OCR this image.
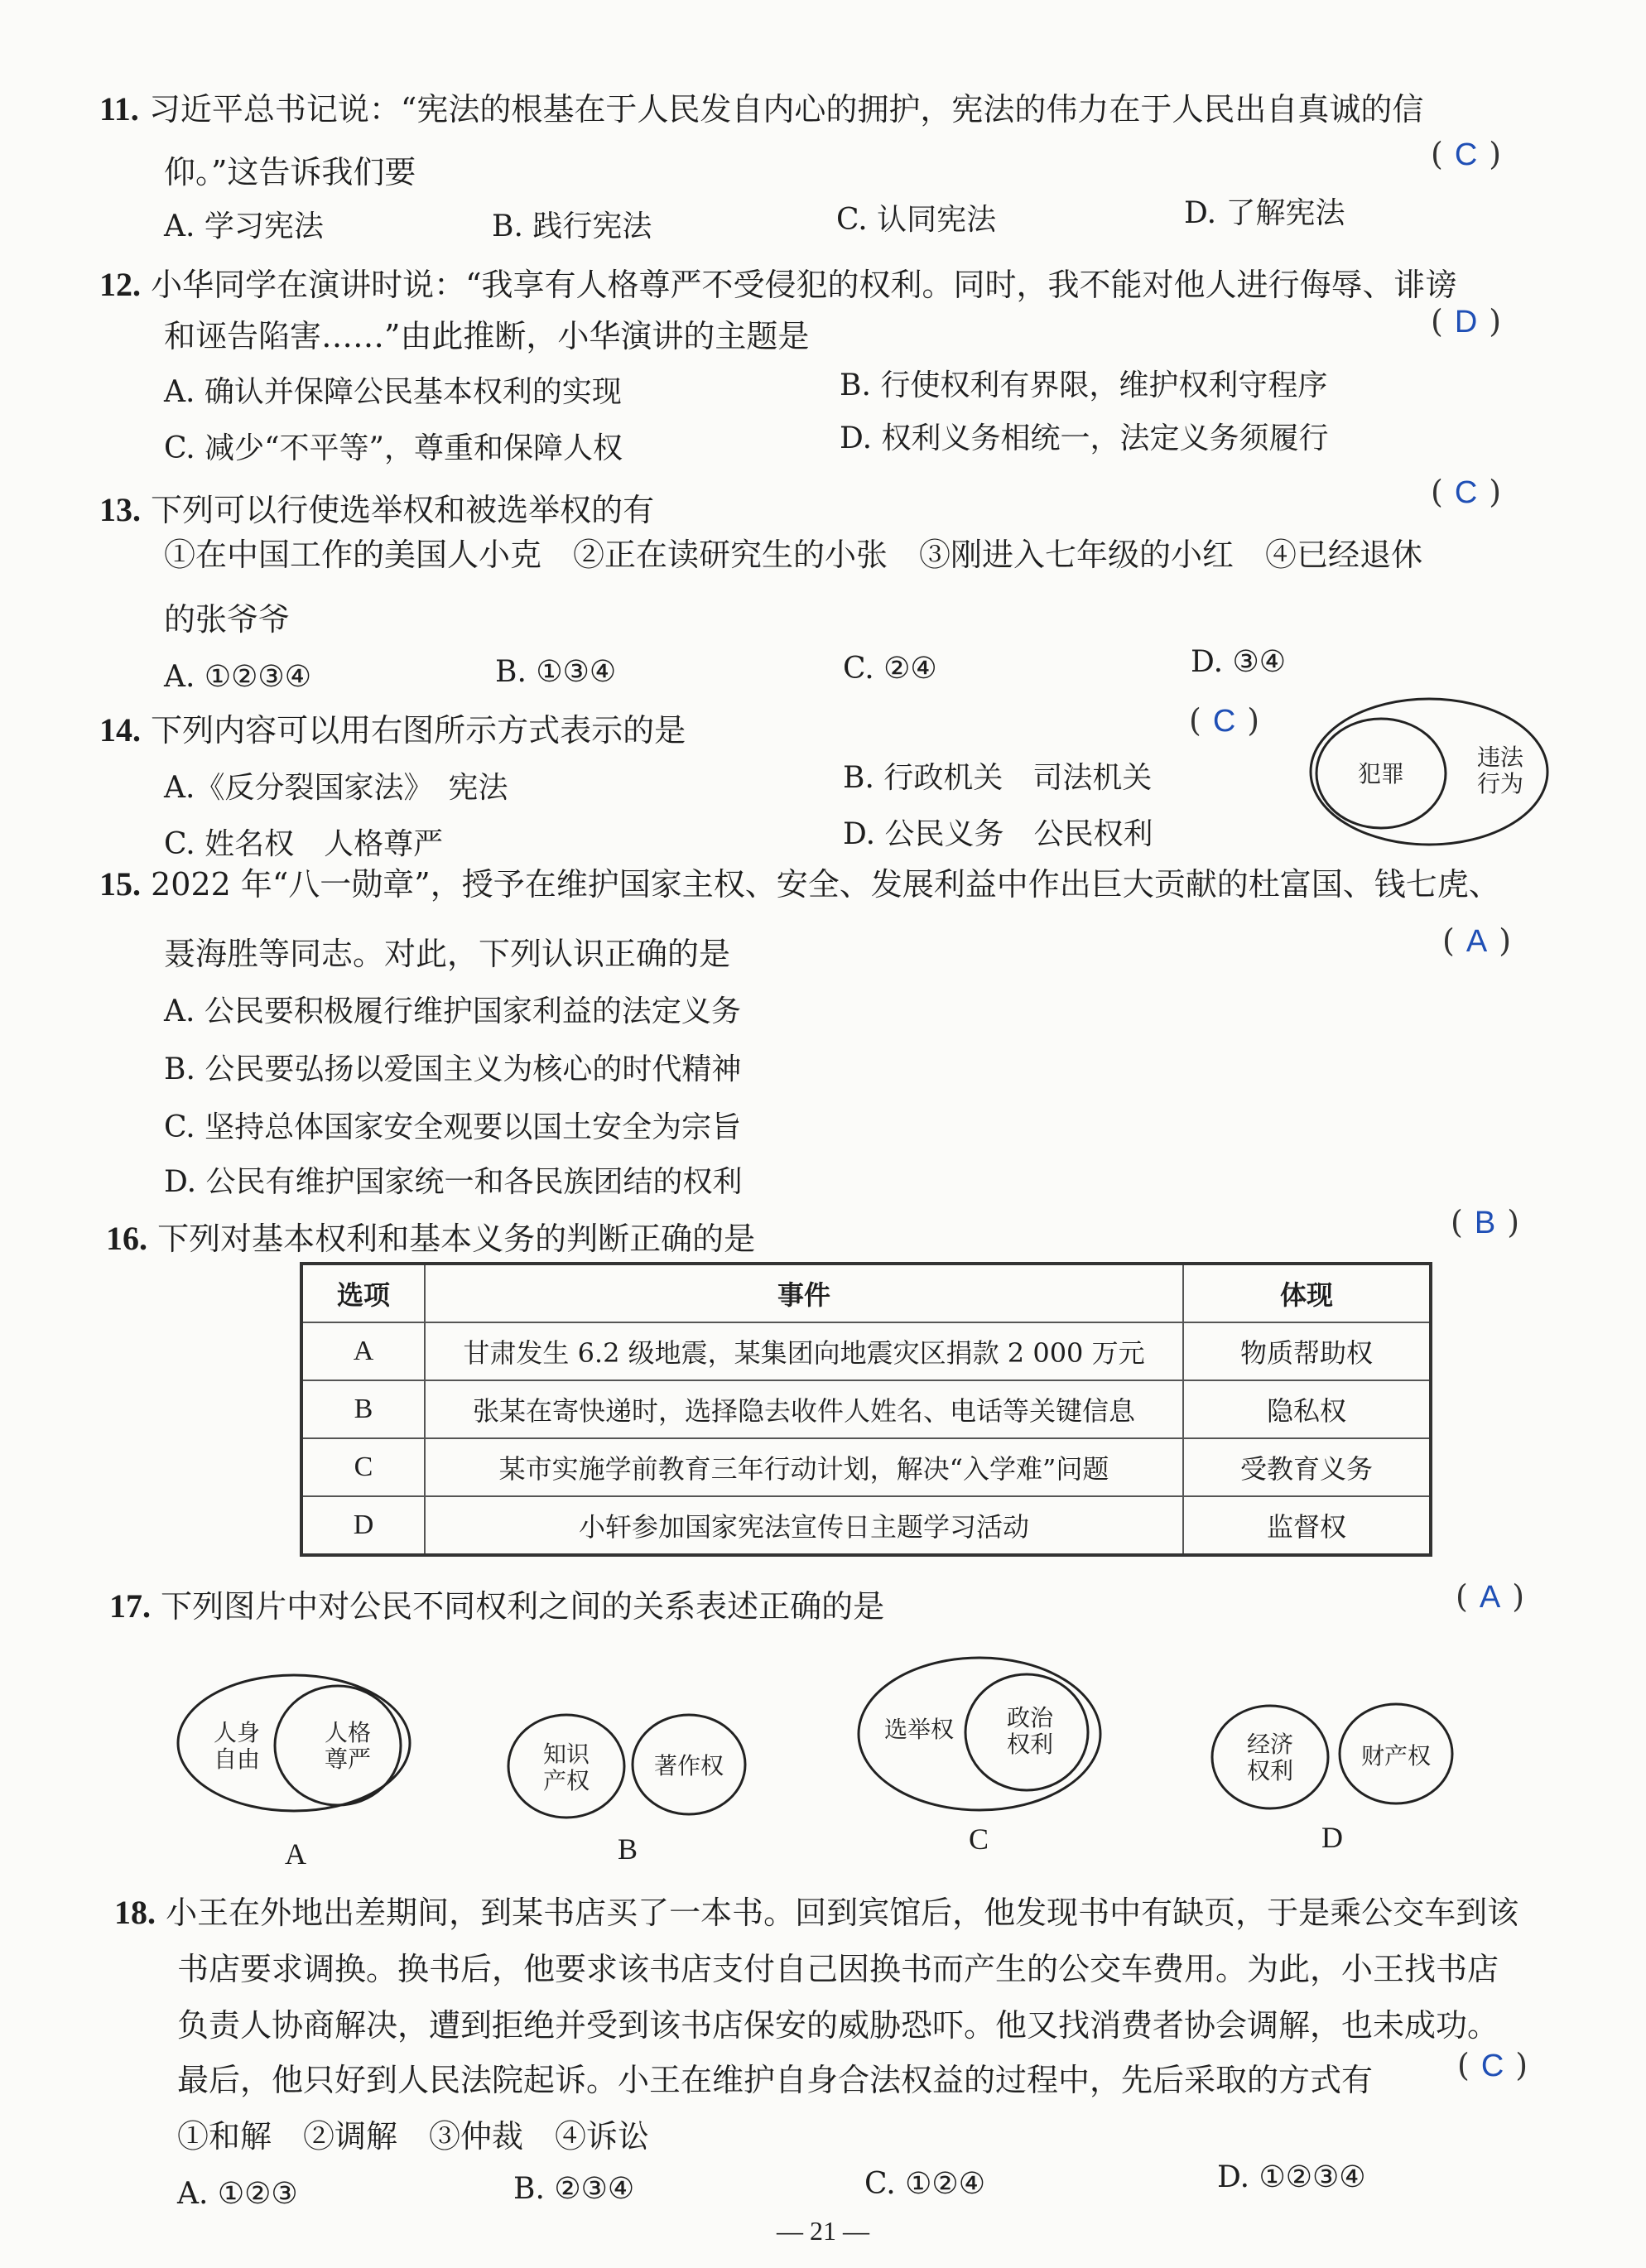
11. 习近平总书记说：“宪法的根基在于人民发自内心的拥护，宪法的伟力在于人民出自真诚的信
仰。”这告诉我们要	( C )
A. 学习宪法	B. 践行宪法	C. 认同宪法	D. 了解宪法
12. 小华同学在演讲时说：“我享有人格尊严不受侵犯的权利。同时，我不能对他人进行侮辱、诽谤
和诬告陷害……”由此推断，小华演讲的主题是	( D )
A. 确认并保障公民基本权利的实现	B. 行使权利有界限，维护权利守程序
C. 减少“不平等”，尊重和保障人权	D. 权利义务相统一，法定义务须履行
( C )
13. 下列可以行使选举权和被选举权的有
①在中国工作的美国人小克　②正在读研究生的小张　③刚进入七年级的小红　④已经退休
的张爷爷
A. ①②③④	B. ①③④	C. ②④	D. ③④
14. 下列内容可以用右图所示方式表示的是	( C )
A.《反分裂国家法》　宪法	B. 行政机关　司法机关
C. 姓名权　人格尊严	D. 公民义务　公民权利
犯罪
违法
行为
15. 2022 年“八一勋章”，授予在维护国家主权、安全、发展利益中作出巨大贡献的杜富国、钱七虎、
聂海胜等同志。对此，下列认识正确的是	( A )
A. 公民要积极履行维护国家利益的法定义务
B. 公民要弘扬以爱国主义为核心的时代精神
C. 坚持总体国家安全观要以国土安全为宗旨
D. 公民有维护国家统一和各民族团结的权利
16. 下列对基本权利和基本义务的判断正确的是	( B )
选项	事件	体现
A	甘肃发生 6.2 级地震，某集团向地震灾区捐款 2 000 万元	物质帮助权
B	张某在寄快递时，选择隐去收件人姓名、电话等关键信息	隐私权
C	某市实施学前教育三年行动计划，解决“入学难”问题	受教育义务
D	小轩参加国家宪法宣传日主题学习活动	监督权
17. 下列图片中对公民不同权利之间的关系表述正确的是	( A )
人身
自由
人格
尊严
A
知识
产权
著作权
B
选举权 政治
权利
C
经济
权利
财产权
D
18. 小王在外地出差期间，到某书店买了一本书。回到宾馆后，他发现书中有缺页，于是乘公交车到该
书店要求调换。换书后，他要求该书店支付自己因换书而产生的公交车费用。为此，小王找书店
负责人协商解决，遭到拒绝并受到该书店保安的威胁恐吓。他又找消费者协会调解，也未成功。
最后，他只好到人民法院起诉。小王在维护自身合法权益的过程中，先后采取的方式有	( C )
①和解　②调解　③仲裁　④诉讼
A. ①②③	B. ②③④	C. ①②④	D. ①②③④
— 21 —
